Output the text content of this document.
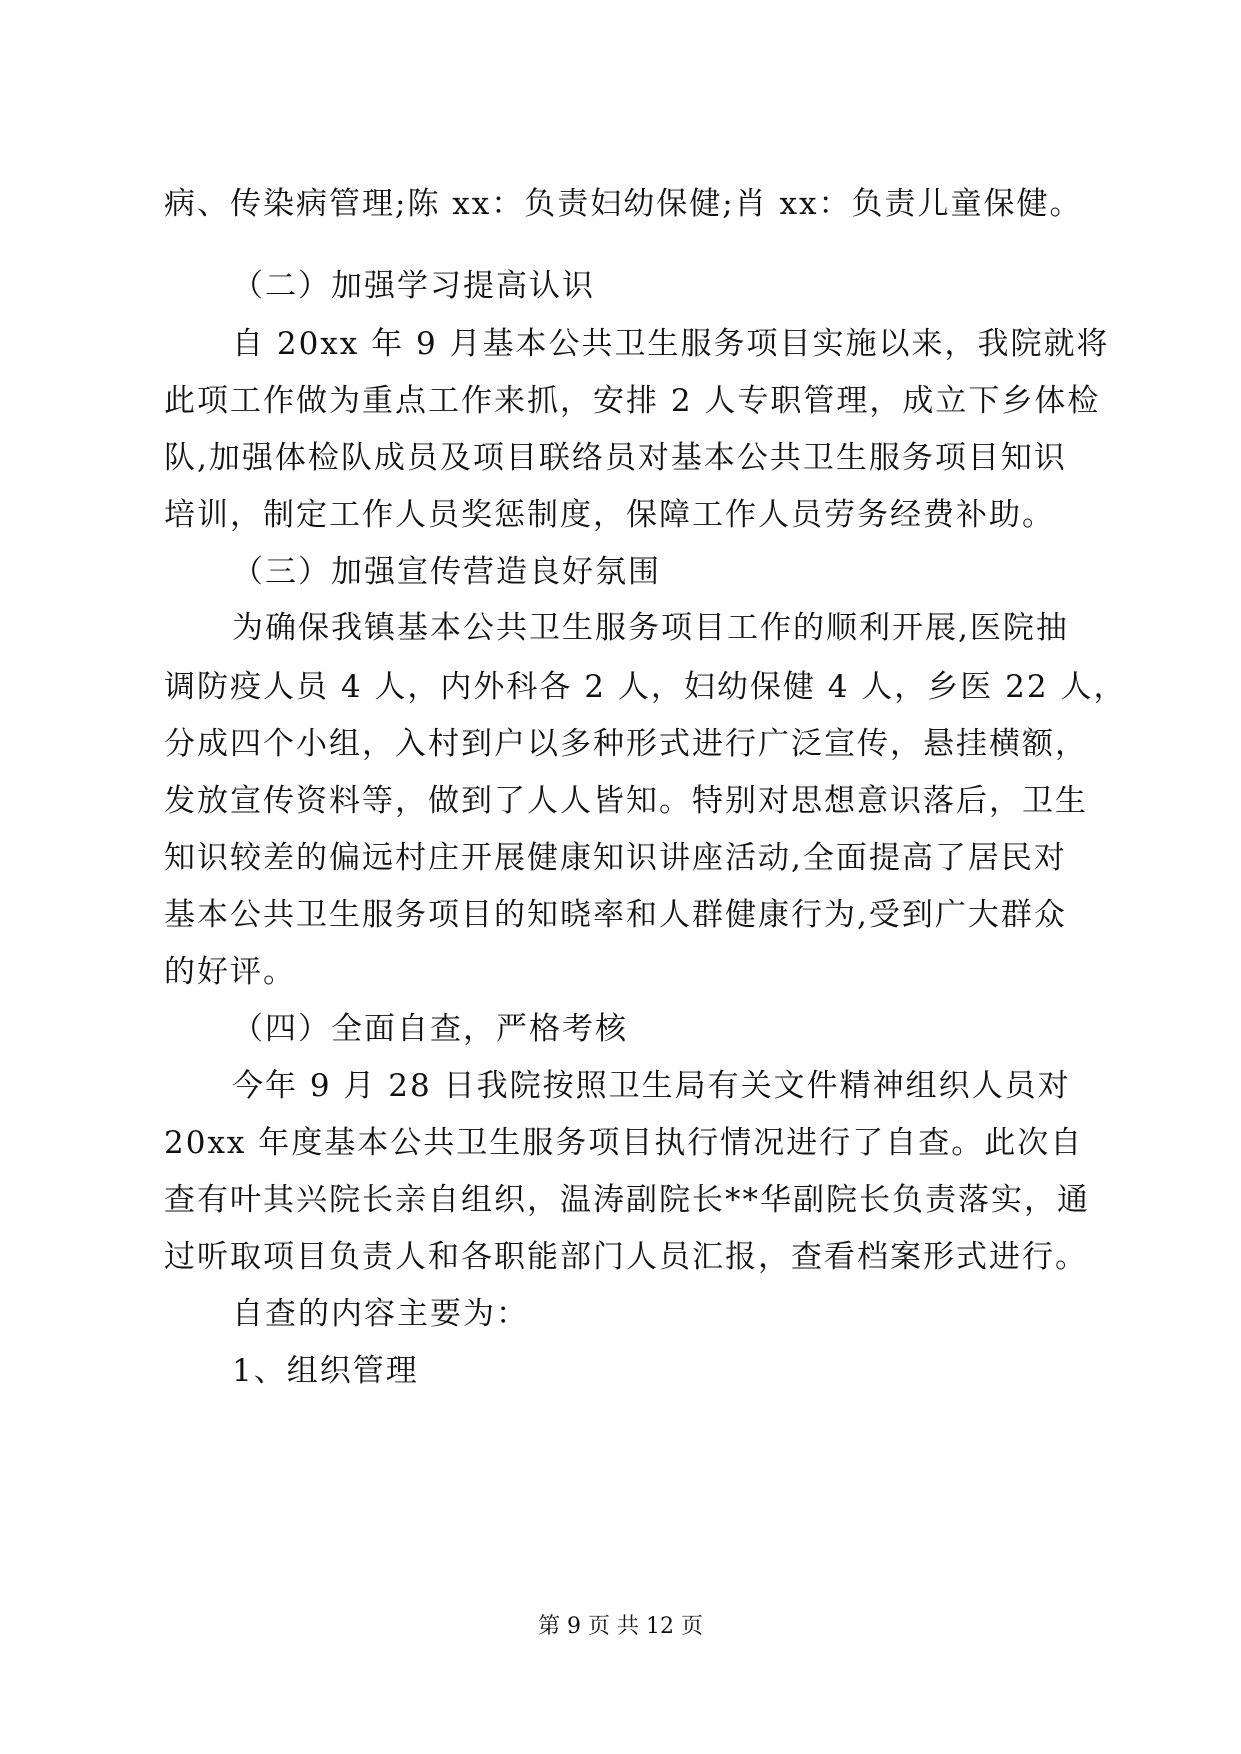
病、传染病管理;陈 xx：负责妇幼保健;肖 xx：负责儿童保健。
（二）加强学习提高认识
自 20xx 年 9 月基本公共卫生服务项目实施以来，我院就将
此项工作做为重点工作来抓，安排 2 人专职管理，成立下乡体检
队,加强体检队成员及项目联络员对基本公共卫生服务项目知识
培训，制定工作人员奖惩制度，保障工作人员劳务经费补助。
（三）加强宣传营造良好氛围
为确保我镇基本公共卫生服务项目工作的顺利开展,医院抽
调防疫人员 4 人，内外科各 2 人，妇幼保健 4 人，乡医 22 人，
分成四个小组，入村到户以多种形式进行广泛宣传，悬挂横额，
发放宣传资料等，做到了人人皆知。特别对思想意识落后，卫生
知识较差的偏远村庄开展健康知识讲座活动,全面提高了居民对
基本公共卫生服务项目的知晓率和人群健康行为,受到广大群众
的好评。
（四）全面自查，严格考核
今年 9 月 28 日我院按照卫生局有关文件精神组织人员对
20xx 年度基本公共卫生服务项目执行情况进行了自查。此次自
查有叶其兴院长亲自组织，温涛副院长**华副院长负责落实，通
过听取项目负责人和各职能部门人员汇报，查看档案形式进行。
自查的内容主要为：
1、组织管理
第 9 页 共 12 页
